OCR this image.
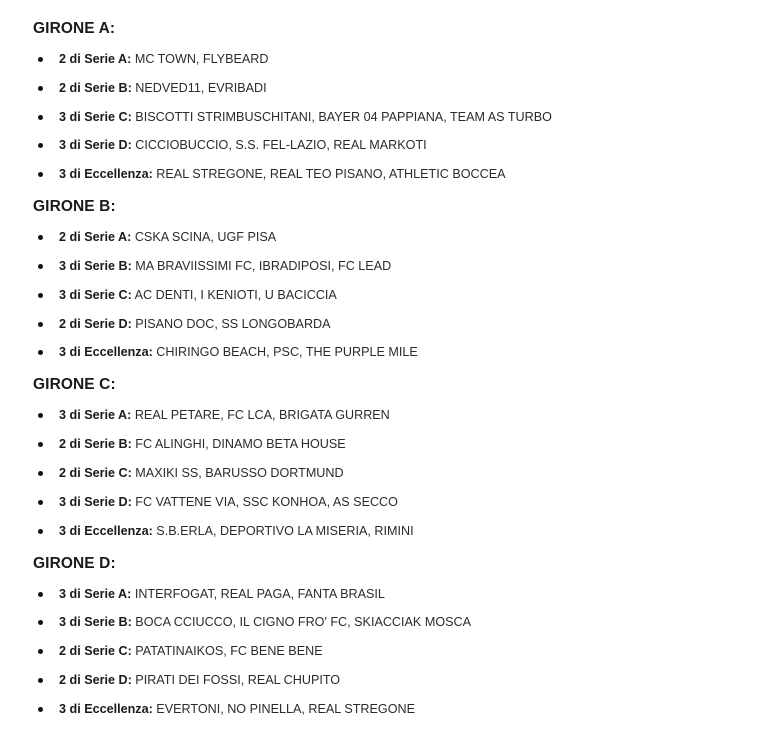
GIRONE A:
2 di Serie A: MC TOWN, FLYBEARD
2 di Serie B: NEDVED11, EVRIBADI
3 di Serie C: BISCOTTI STRIMBUSCHITANI, BAYER 04 PAPPIANA, TEAM AS TURBO
3 di Serie D: CICCIOBUCCIO, S.S. FEL-LAZIO, REAL MARKOTI
3 di Eccellenza: REAL STREGONE, REAL TEO PISANO, ATHLETIC BOCCEA
GIRONE B:
2 di Serie A: CSKA SCINA, UGF PISA
3 di Serie B: MA BRAVIISSIMI FC, IBRADIPOSI, FC LEAD
3 di Serie C: AC DENTI, I KENIOTI, U BACICCIA
2 di Serie D: PISANO DOC, SS LONGOBARDA
3 di Eccellenza: CHIRINGO BEACH, PSC, THE PURPLE MILE
GIRONE C:
3 di Serie A: REAL PETARE, FC LCA, BRIGATA GURREN
2 di Serie B: FC ALINGHI, DINAMO BETA HOUSE
2 di Serie C: MAXIKI SS, BARUSSO DORTMUND
3 di Serie D: FC VATTENE VIA, SSC KONHOA, AS SECCO
3 di Eccellenza: S.B.ERLA, DEPORTIVO LA MISERIA, RIMINI
GIRONE D:
3 di Serie A: INTERFOGAT, REAL PAGA, FANTA BRASIL
3 di Serie B: BOCA CCIUCCO, IL CIGNO FRO' FC, SKIACCIAK MOSCA
2 di Serie C: PATATINAIKOS, FC BENE BENE
2 di Serie D: PIRATI DEI FOSSI, REAL CHUPITO
3 di Eccellenza: EVERTONI, NO PINELLA, REAL STREGONE
